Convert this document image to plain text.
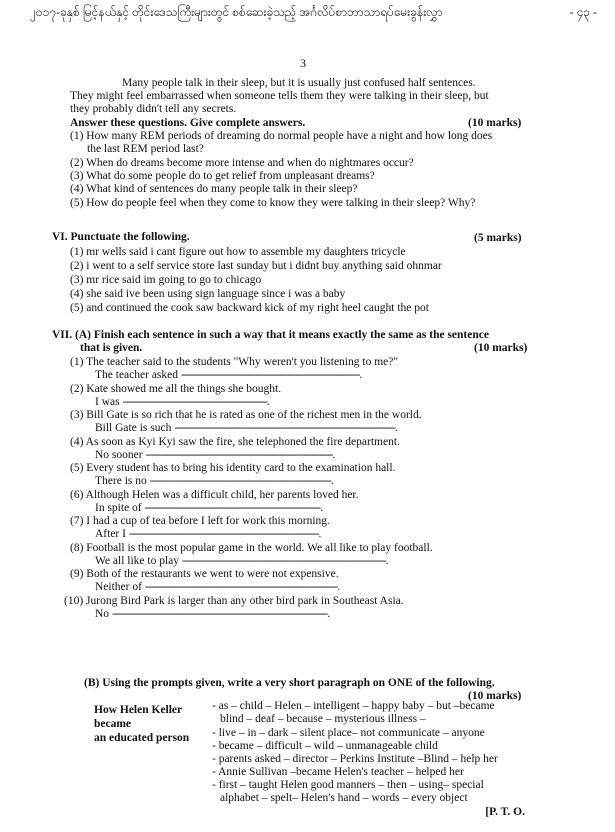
၂၀၁၇-ခုနှစ် မြင့်နယ်နှင့် တိုင်းဒေသကြီးများတွင် စစ်ဆေးခဲ့သည့် အင်္ဂလိပ်စာဘာသာရပ်မေးခွန်းလွှာ	- ၄၃ -
3
Many people talk in their sleep, but it is usually just confused half sentences.
They might feel embarrassed when someone tells them they were talking in their sleep, but
they probably didn't tell any secrets.
Answer these questions. Give complete answers.	(10 marks)
(1) How many REM periods of dreaming do normal people have a night and how long does
the last REM period last?
(2) When do dreams become more intense and when do nightmares occur?
(3) What do some people do to get relief from unpleasant dreams?
(4) What kind of sentences do many people talk in their sleep?
(5) How do people feel when they come to know they were talking in their sleep? Why?
VI. Punctuate the following.	(5 marks)
(1) mr wells said i cant figure out how to assemble my daughters tricycle
(2) i went to a self service store last sunday but i didnt buy anything said ohnmar
(3) mr rice said im going to go to chicago
(4) she said ive been using sign language since i was a baby
(5) and continued the cook saw backward kick of my right heel caught the pot
VII. (A) Finish each sentence in such a way that it means exactly the same as the sentence
that is given.	(10 marks)
(1) The teacher said to the students "Why weren't you listening to me?"
The teacher asked ---------------------------------------------------------------.
(2) Kate showed me all the things she bought.
I was ---------------------------------------------------.
(3) Bill Gate is so rich that he is rated as one of the richest men in the world.
Bill Gate is such ------------------------------------------------------------------------------.
(4) As soon as Kyi Kyi saw the fire, she telephoned the fire department.
No sooner ------------------------------------------------------------------.
(5) Every student has to bring his identity card to the examination hall.
There is no ----------------------------------------------------------------.
(6) Although Helen was a difficult child, her parents loved her.
In spite of --------------------------------------------------------------.
(7) I had a cup of tea before I left for work this morning.
After I -------------------------------------------------------------------.
(8) Football is the most popular game in the world. We all like to play football.
We all like to play ------------------------------------------------------------------------.
(9) Both of the restaurants we went to were not expensive.
Neither of --------------------------------------------------------------------.
(10) Jurong Bird Park is larger than any other bird park in Southeast Asia.
No ----------------------------------------------------------------------------.
(B) Using the prompts given, write a very short paragraph on ONE of the following.
(10 marks)
How Helen Keller
became
an educated person
- as – child – Helen – intelligent – happy baby – but –became
blind – deaf – because – mysterious illness –
- live – in – dark – silent place– not communicate – anyone
- became – difficult – wild – unmanageable child
- parents asked – director – Perkins Institute –Blind – help her
- Annie Sullivan –became Helen's teacher – helped her
- first – taught Helen good manners – then – using– special
alphabet – spelt– Helen's hand – words – every object
[P. T. O.
